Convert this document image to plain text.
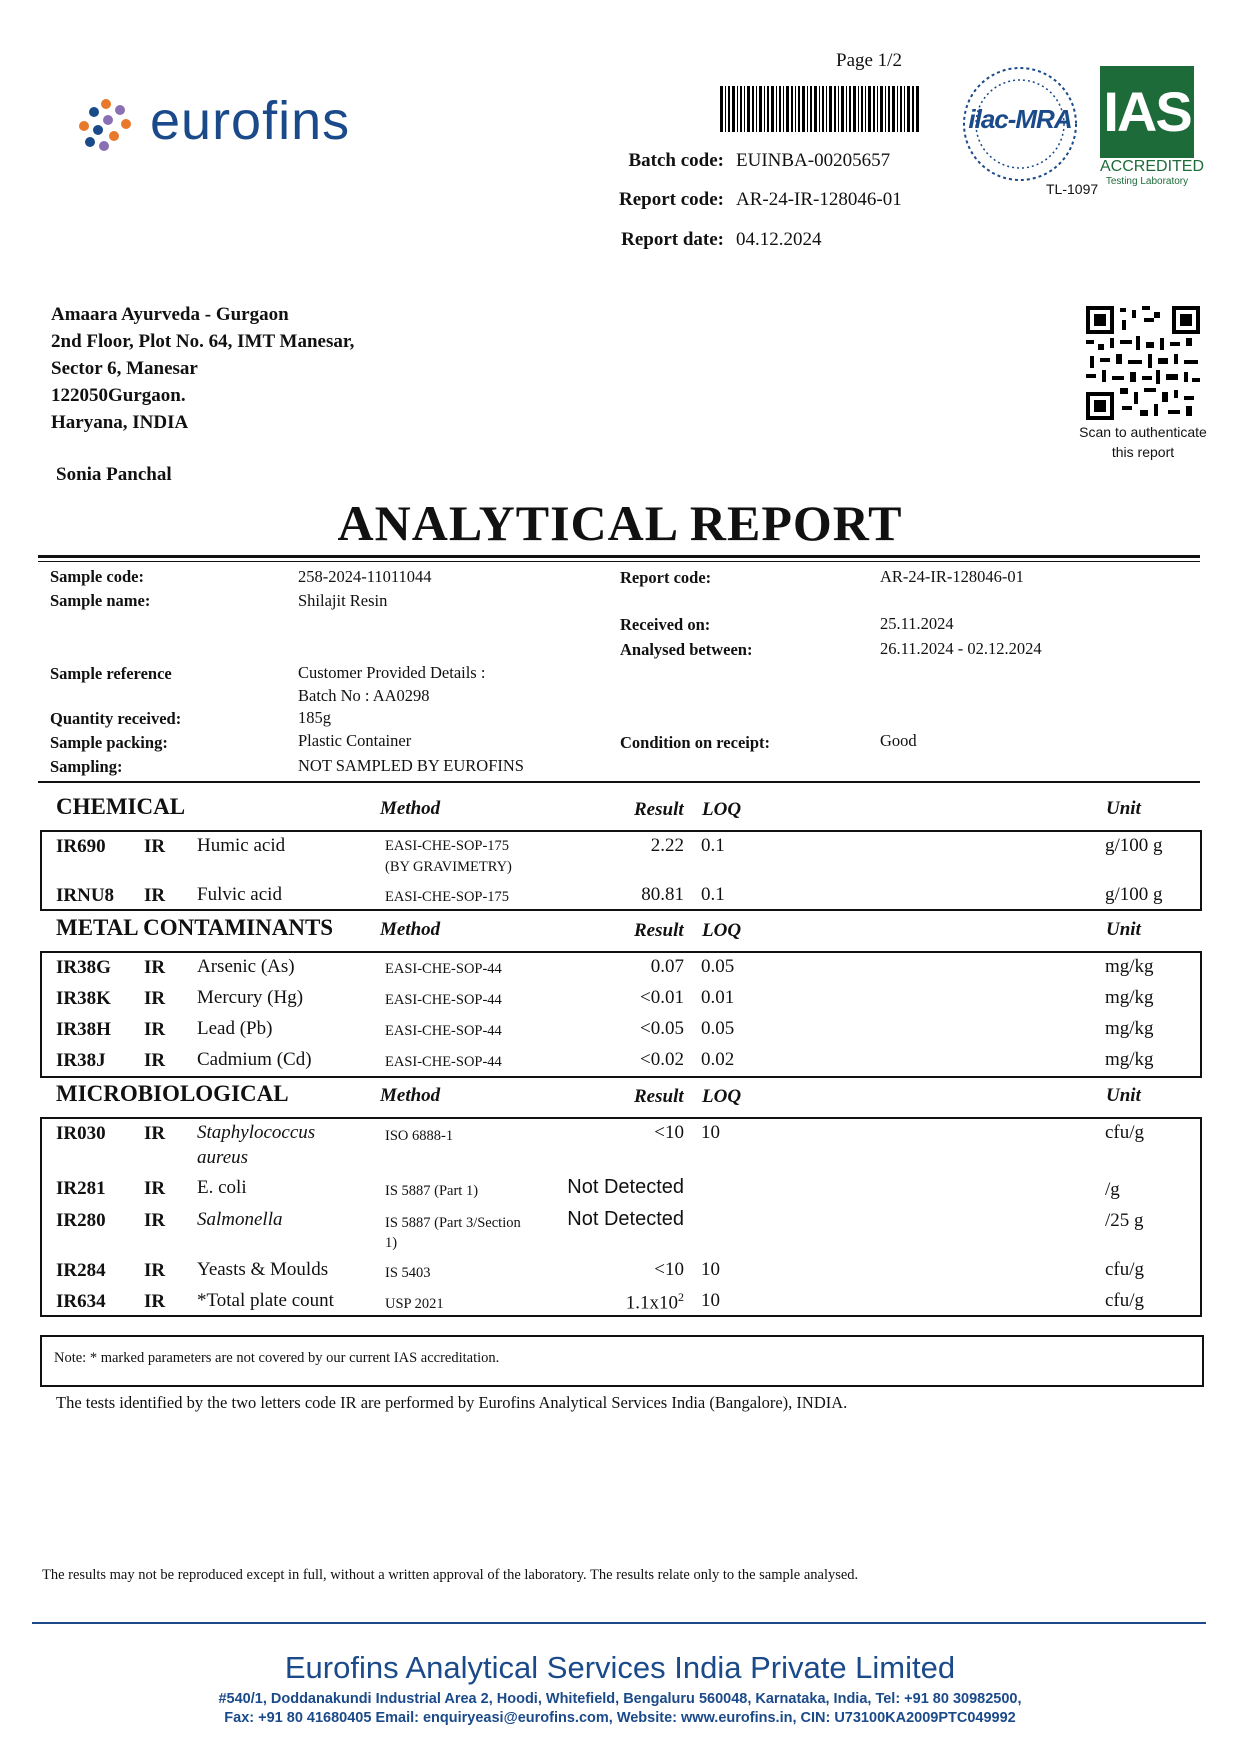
eurofins
Page 1/2
Batch code: EUINBA-00205657
Report code: AR-24-IR-128046-01
Report date: 04.12.2024
ilac-MRA
TL-1097
IAS
ACCREDITED
Testing Laboratory
Scan to authenticate
this report
Amaara Ayurveda - Gurgaon
2nd Floor, Plot No. 64, IMT Manesar,
Sector 6, Manesar
122050Gurgaon.
Haryana, INDIA
Sonia Panchal
ANALYTICAL REPORT
Sample code:	258-2024-11011044
Sample name:	Shilajit Resin
Report code:	AR-24-IR-128046-01
Received on:	25.11.2024
Analysed between:	26.11.2024 - 02.12.2024
Sample reference	Customer Provided Details :
Batch No : AA0298
Quantity received:	185g
Sample packing:	Plastic Container	Condition on receipt:	Good
Sampling:	NOT SAMPLED BY EUROFINS
CHEMICAL	Method	Result LOQ	Unit
IR690 IR Humic acid	EASI-CHE-SOP-175
(BY GRAVIMETRY)
2.22 0.1	g/100 g
IRNU8 IR Fulvic acid	EASI-CHE-SOP-175	80.81 0.1	g/100 g
METAL CONTAMINANTS Method	Result LOQ	Unit
IR38G IR Arsenic (As)	EASI-CHE-SOP-44	0.07 0.05	mg/kg
IR38K IR Mercury (Hg)	EASI-CHE-SOP-44	<0.01 0.01	mg/kg
IR38H IR Lead (Pb)	EASI-CHE-SOP-44	<0.05 0.05	mg/kg
IR38J IR Cadmium (Cd)	EASI-CHE-SOP-44	<0.02 0.02	mg/kg
MICROBIOLOGICAL	Method	Result LOQ	Unit
IR030 IR Staphylococcus
aureus
ISO 6888-1	<10 10	cfu/g
IR281 IR E. coli	IS 5887 (Part 1)	Not Detected	/g
IR280 IR Salmonella	IS 5887 (Part 3/Section
1)
Not Detected	/25 g
IR284 IR Yeasts & Moulds	IS 5403	<10 10	cfu/g
IR634 IR *Total plate count	USP 2021	$1.1x10^2$ 10	cfu/g
Note: * marked parameters are not covered by our current IAS accreditation.
The tests identified by the two letters code IR are performed by Eurofins Analytical Services India (Bangalore), INDIA.
The results may not be reproduced except in full, without a written approval of the laboratory. The results relate only to the sample analysed.
Eurofins Analytical Services India Private Limited
#540/1, Doddanakundi Industrial Area 2, Hoodi, Whitefield, Bengaluru 560048, Karnataka, India, Tel: +91 80 30982500,
Fax: +91 80 41680405 Email: enquiryeasi@eurofins.com, Website: www.eurofins.in, CIN: U73100KA2009PTC049992
